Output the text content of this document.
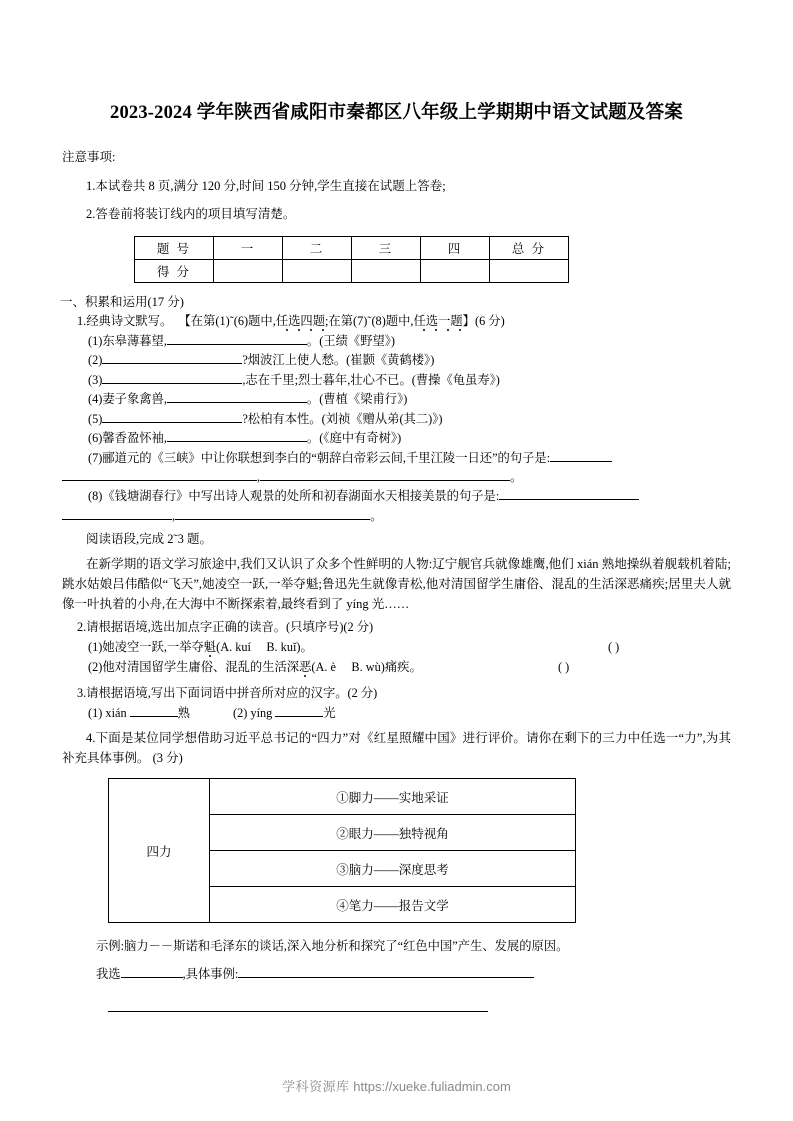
2023-2024 学年陕西省咸阳市秦都区八年级上学期期中语文试题及答案
注意事项:
1.本试卷共 8 页,满分 120 分,时间 150 分钟,学生直接在试题上答卷;
2.答卷前将装订线内的项目填写清楚。
题 号	一	二	三	四	总 分
得 分					
一、积累和运用(17 分)
1.经典诗文默写。 【在第(1)˜(6)题中,任选四题;在第(7)˜(8)题中,任选一题】(6 分)
(1)东皋薄暮望,	。(王绩《野望》)
(2)	?烟波江上使人愁。(崔颢《黄鹤楼》)
(3)	,志在千里;烈士暮年,壮心不已。(曹操《龟虽寿》)
(4)妻子象禽兽,	。(曹植《梁甫行》)
(5)	?松柏有本性。(刘祯《赠从弟(其二)》)
(6)馨香盈怀袖,	。(《庭中有奇树》)
(7)郦道元的《三峡》中让你联想到李白的“朝辞白帝彩云间,千里江陵一日还”的句子是:
,	。
(8)《钱塘湖春行》中写出诗人观景的处所和初春湖面水天相接美景的句子是:
,	。
阅读语段,完成 2˜3 题。
在新学期的语文学习旅途中,我们又认识了众多个性鲜明的人物:辽宁舰官兵就像雄鹰,他们 xián 熟地操纵着舰载机着陆;跳水姑娘吕伟酷似“飞天”,她凌空一跃,一举夺魁;鲁迅先生就像青松,他对清国留学生庸俗、混乱的生活深恶痛疾;居里夫人就像一叶执着的小舟,在大海中不断探索着,最终看到了 yíng 光……
2.请根据语境,选出加点字正确的读音。(只填序号)(2 分)
(1)她凌空一跃,一举夺魁(A. kuí B. kuǐ)。	( )
(2)他对清国留学生庸俗、混乱的生活深恶(A. è B. wù)痛疾。	( )
3.请根据语境,写出下面词语中拼音所对应的汉字。(2 分)
(1) xián	熟	(2) yíng	光
4.下面是某位同学想借助习近平总书记的“四力”对《红星照耀中国》进行评价。请你在剩下的三力中任选一“力”,为其补充具体事例。 (3 分)
四力	①脚力——实地采证
②眼力——独特视角
③脑力——深度思考
④笔力——报告文学
示例:脑力－－斯诺和毛泽东的谈话,深入地分析和探究了“红色中国”产生、发展的原因。
我选	,具体事例:
学科资源库 https://xueke.fuliadmin.com
